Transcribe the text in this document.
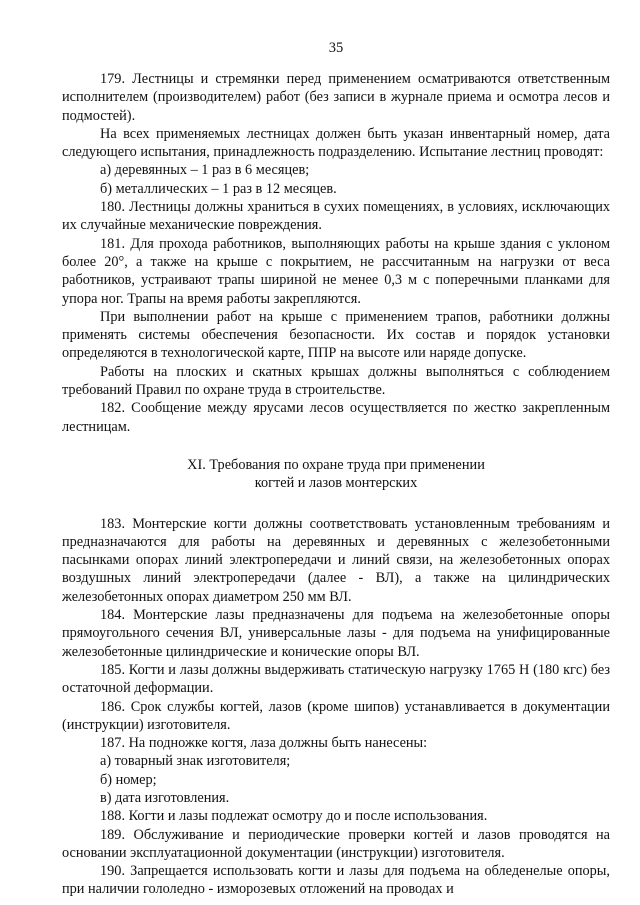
35

179. Лестницы и стремянки перед применением осматриваются ответственным исполнителем (производителем) работ (без записи в журнале приема и осмотра лесов и подмостей).

На всех применяемых лестницах должен быть указан инвентарный номер, дата следующего испытания, принадлежность подразделению. Испытание лестниц проводят:

а) деревянных – 1 раз в 6 месяцев;

б) металлических – 1 раз в 12 месяцев.

180. Лестницы должны храниться в сухих помещениях, в условиях, исключающих их случайные механические повреждения.

181. Для прохода работников, выполняющих работы на крыше здания с уклоном более 20°, а также на крыше с покрытием, не рассчитанным на нагрузки от веса работников, устраивают трапы шириной не менее 0,3 м с поперечными планками для упора ног. Трапы на время работы закрепляются.

При выполнении работ на крыше с применением трапов, работники должны применять системы обеспечения безопасности. Их состав и порядок установки определяются в технологической карте, ППР на высоте или наряде допуске.

Работы на плоских и скатных крышах должны выполняться с соблюдением требований Правил по охране труда в строительстве.

182. Сообщение между ярусами лесов осуществляется по жестко закрепленным лестницам.

XI. Требования по охране труда при применении
когтей и лазов монтерских

183. Монтерские когти должны соответствовать установленным требованиям и предназначаются для работы на деревянных и деревянных с железобетонными пасынками опорах линий электропередачи и линий связи, на железобетонных опорах воздушных линий электропередачи (далее - ВЛ), а также на цилиндрических железобетонных опорах диаметром 250 мм ВЛ.

184. Монтерские лазы предназначены для подъема на железобетонные опоры прямоугольного сечения ВЛ, универсальные лазы - для подъема на унифицированные железобетонные цилиндрические и конические опоры ВЛ.

185. Когти и лазы должны выдерживать статическую нагрузку 1765 Н (180 кгс) без остаточной деформации.

186. Срок службы когтей, лазов (кроме шипов) устанавливается в документации (инструкции) изготовителя.

187. На подножке когтя, лаза должны быть нанесены:

а) товарный знак изготовителя;

б) номер;

в) дата изготовления.

188. Когти и лазы подлежат осмотру до и после использования.

189. Обслуживание и периодические проверки когтей и лазов проводятся на основании эксплуатационной документации (инструкции) изготовителя.

190. Запрещается использовать когти и лазы для подъема на обледенелые опоры, при наличии гололедно - изморозевых отложений на проводах и
